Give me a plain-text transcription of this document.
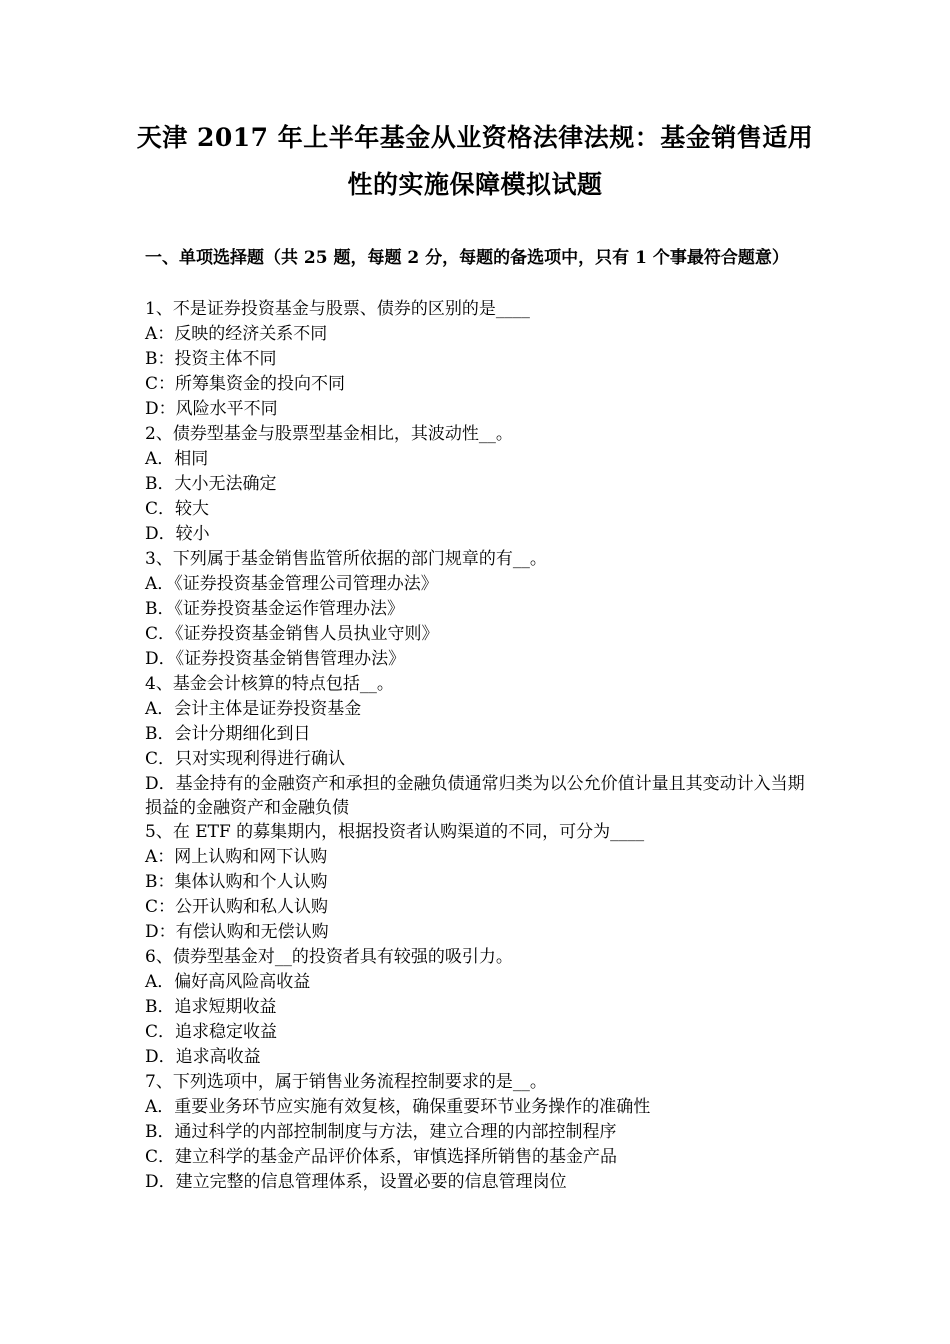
天津 2017 年上半年基金从业资格法律法规：基金销售适用
性的实施保障模拟试题
一、单项选择题（共 25 题，每题 2 分，每题的备选项中，只有 1 个事最符合题意）
1、不是证券投资基金与股票、债券的区别的是____
A：反映的经济关系不同
B：投资主体不同
C：所筹集资金的投向不同
D：风险水平不同
2、债券型基金与股票型基金相比，其波动性__。
A．相同
B．大小无法确定
C．较大
D．较小
3、下列属于基金销售监管所依据的部门规章的有__。
A．《证券投资基金管理公司管理办法》
B．《证券投资基金运作管理办法》
C．《证券投资基金销售人员执业守则》
D．《证券投资基金销售管理办法》
4、基金会计核算的特点包括__。
A．会计主体是证券投资基金
B．会计分期细化到日
C．只对实现利得进行确认
D．基金持有的金融资产和承担的金融负债通常归类为以公允价值计量且其变动计入当期损益的金融资产和金融负债
5、在 ETF 的募集期内，根据投资者认购渠道的不同，可分为____
A：网上认购和网下认购
B：集体认购和个人认购
C：公开认购和私人认购
D：有偿认购和无偿认购
6、债券型基金对__的投资者具有较强的吸引力。
A．偏好高风险高收益
B．追求短期收益
C．追求稳定收益
D．追求高收益
7、下列选项中，属于销售业务流程控制要求的是__。
A．重要业务环节应实施有效复核，确保重要环节业务操作的准确性
B．通过科学的内部控制制度与方法，建立合理的内部控制程序
C．建立科学的基金产品评价体系，审慎选择所销售的基金产品
D．建立完整的信息管理体系，设置必要的信息管理岗位
